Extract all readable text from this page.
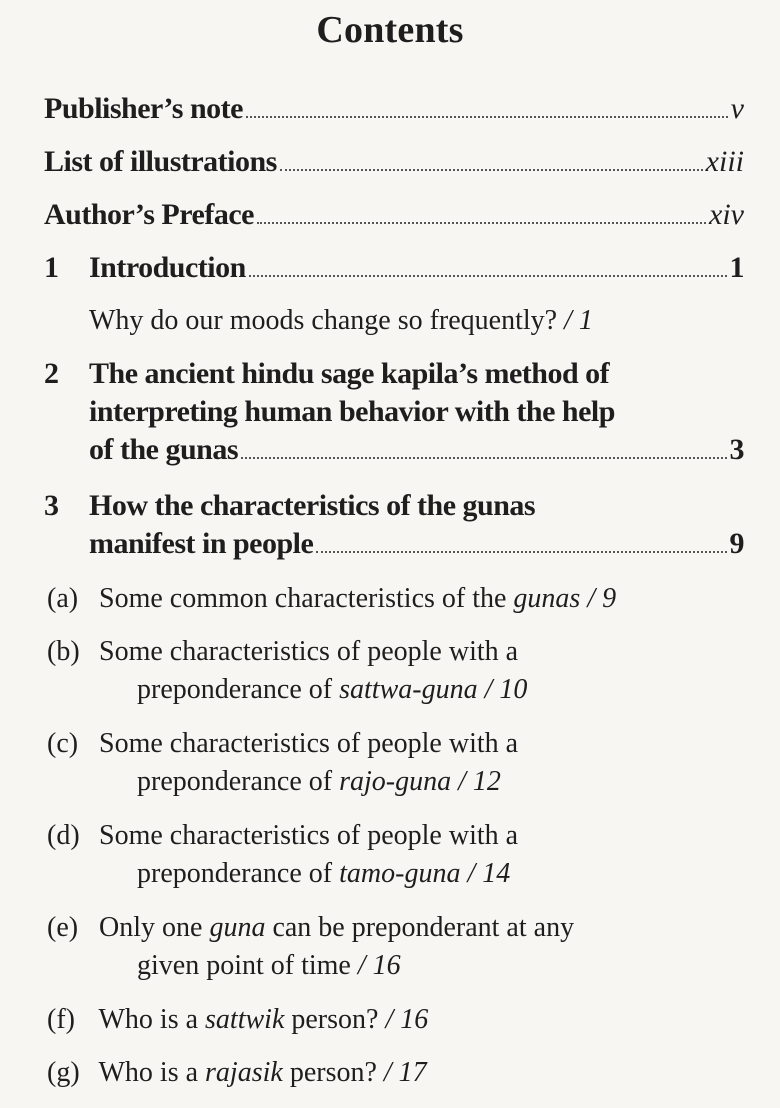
Contents
Publisher’s note	v
List of illustrations	xiii
Author’s Preface	xiv
1 Introduction	1
Why do our moods change so frequently? / 1
2 The ancient hindu sage kapila’s method of
interpreting human behavior with the help
of the gunas	3
3 How the characteristics of the gunas
manifest in people	9
(a) Some common characteristics of the gunas / 9
(b) Some characteristics of people with a
preponderance of sattwa-guna / 10
(c) Some characteristics of people with a
preponderance of rajo-guna / 12
(d) Some characteristics of people with a
preponderance of tamo-guna / 14
(e) Only one guna can be preponderant at any
given point of time / 16
(f) Who is a sattwik person? / 16
(g) Who is a rajasik person? / 17
